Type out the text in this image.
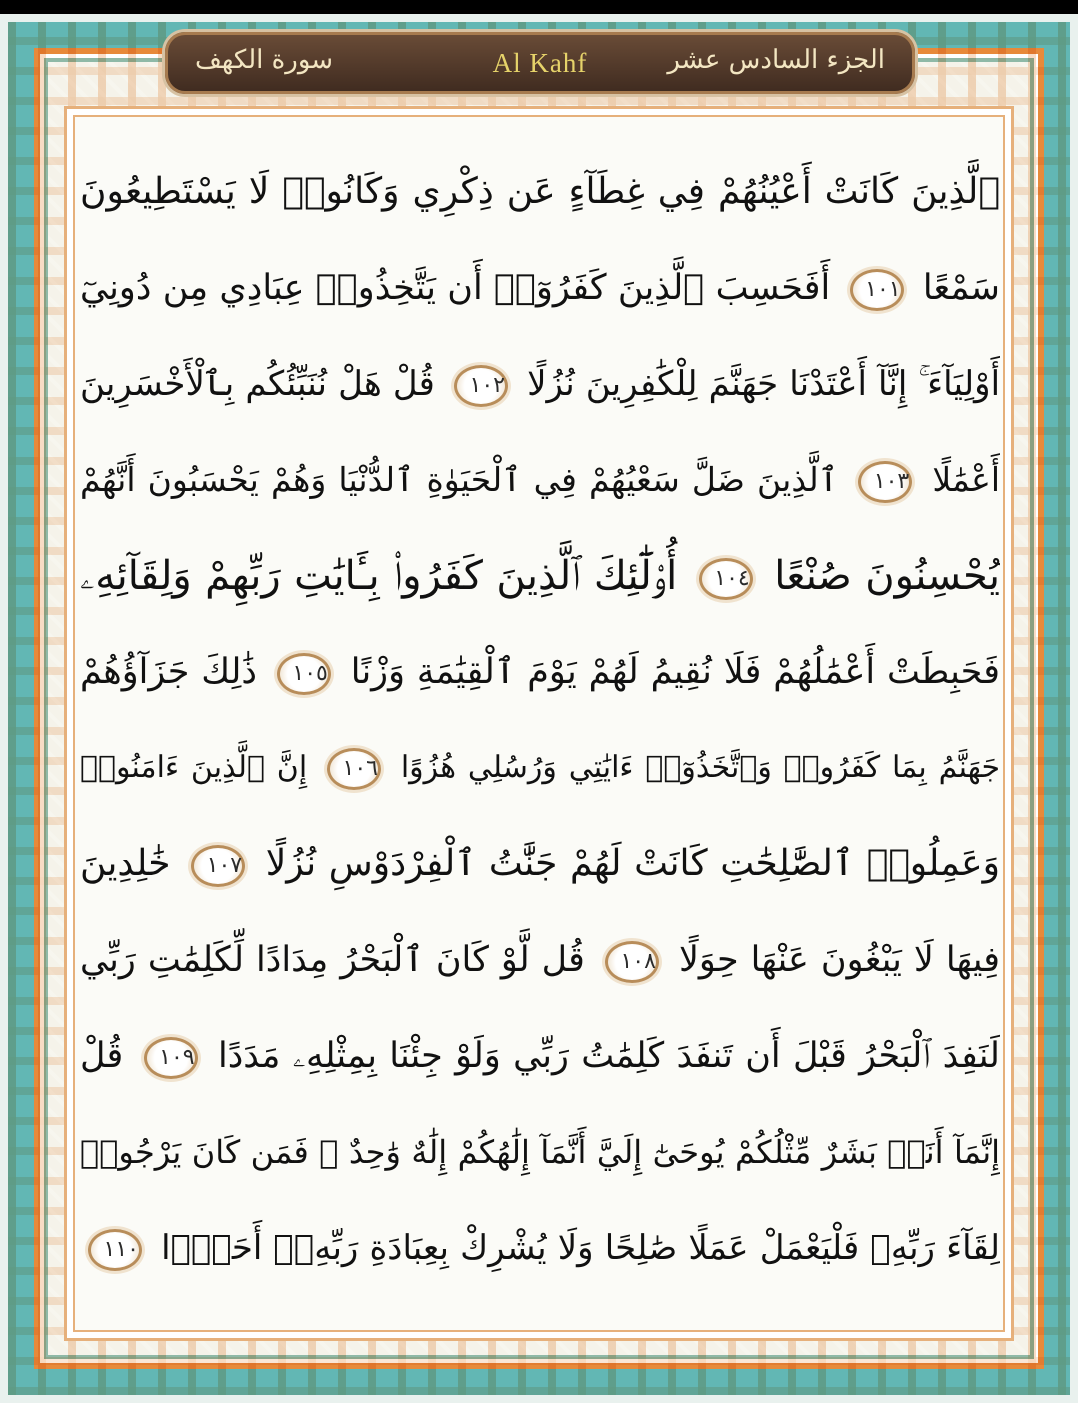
الجزء السادس عشر
Al Kahf
سورة الكهف
ٱلَّذِينَ كَانَتْ أَعْيُنُهُمْ فِي غِطَآءٍ عَن ذِكْرِي وَكَانُوا۟ لَا يَسْتَطِيعُونَ
سَمْعًا ١٠١ أَفَحَسِبَ ٱلَّذِينَ كَفَرُوٓا۟ أَن يَتَّخِذُوا۟ عِبَادِي مِن دُونِيٓ
أَوْلِيَآءَ ۚ إِنَّآ أَعْتَدْنَا جَهَنَّمَ لِلْكَٰفِرِينَ نُزُلًا ١٠٢ قُلْ هَلْ نُنَبِّئُكُم بِٱلْأَخْسَرِينَ
أَعْمَٰلًا ١٠٣ ٱلَّذِينَ ضَلَّ سَعْيُهُمْ فِي ٱلْحَيَوٰةِ ٱلدُّنْيَا وَهُمْ يَحْسَبُونَ أَنَّهُمْ
يُحْسِنُونَ صُنْعًا ١٠٤ أُو۟لَٰٓئِكَ ٱلَّذِينَ كَفَرُوا۟ بِـَٔايَٰتِ رَبِّهِمْ وَلِقَآئِهِۦ
فَحَبِطَتْ أَعْمَٰلُهُمْ فَلَا نُقِيمُ لَهُمْ يَوْمَ ٱلْقِيَٰمَةِ وَزْنًا ١٠٥ ذَٰلِكَ جَزَآؤُهُمْ
جَهَنَّمُ بِمَا كَفَرُوا۟ وَٱتَّخَذُوٓا۟ ءَايَٰتِي وَرُسُلِي هُزُوًا ١٠٦ إِنَّ ٱلَّذِينَ ءَامَنُوا۟
وَعَمِلُوا۟ ٱلصَّٰلِحَٰتِ كَانَتْ لَهُمْ جَنَّٰتُ ٱلْفِرْدَوْسِ نُزُلًا ١٠٧ خَٰلِدِينَ
فِيهَا لَا يَبْغُونَ عَنْهَا حِوَلًا ١٠٨ قُل لَّوْ كَانَ ٱلْبَحْرُ مِدَادًا لِّكَلِمَٰتِ رَبِّي
لَنَفِدَ ٱلْبَحْرُ قَبْلَ أَن تَنفَدَ كَلِمَٰتُ رَبِّي وَلَوْ جِئْنَا بِمِثْلِهِۦ مَدَدًا ١٠٩ قُلْ
إِنَّمَآ أَنَا۠ بَشَرٌ مِّثْلُكُمْ يُوحَىٰٓ إِلَيَّ أَنَّمَآ إِلَٰهُكُمْ إِلَٰهٌ وَٰحِدٌ ۖ فَمَن كَانَ يَرْجُوا۟
لِقَآءَ رَبِّهِۦ فَلْيَعْمَلْ عَمَلًا صَٰلِحًا وَلَا يُشْرِكْ بِعِبَادَةِ رَبِّهِۦٓ أَحَدًۢا ١١٠
